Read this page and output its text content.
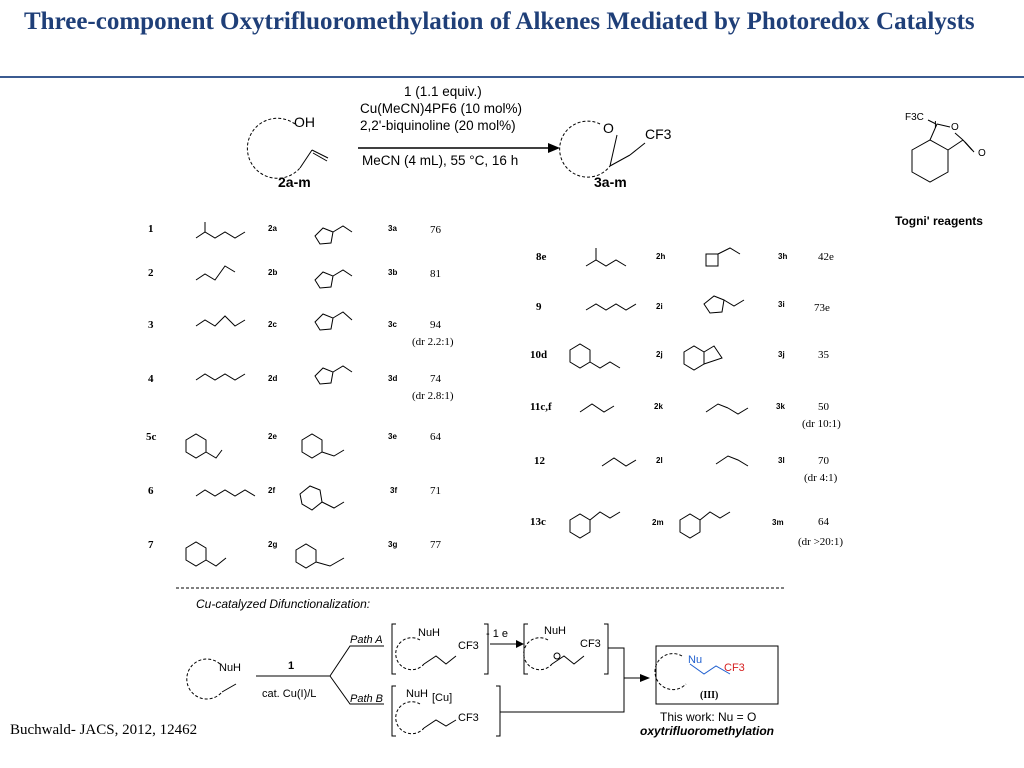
Three-component Oxytrifluoromethylation of Alkenes Mediated by Photoredox Catalysts
OH
2a-m
1 (1.1 equiv.)
Cu(MeCN)4PF6 (10 mol%)
2,2'-biquinoline (20 mol%)
MeCN (4 mL), 55 °C, 16 h
O CF3
3a-m
F3C
I O
O
Togni' reagents
1	2a	3a	76
2	2b	3b	81
3	2c	3c	94
(dr 2.2:1)
4	2d	3d	74
(dr 2.8:1)
5c	2e	3e	64
6	2f	3f	71
7	2g	3g	77
8e	2h	3h	42e
9	2i	3i	73e
10d	2j	3j	35
11c,f	2k	3k	50
(dr 10:1)
12	2l	3l	70
(dr 4:1)
13c	2m	3m	64
(dr >20:1)
Cu-catalyzed Difunctionalization:
Path A
Path B
1
cat. Cu(I)/L
NuH
NuH
CF3
- 1 e	NuH
CF3
NuH [Cu]
CF3
Nu
CF3
(III)
This work: Nu = O
oxytrifluoromethylation
Buchwald- JACS, 2012, 12462
